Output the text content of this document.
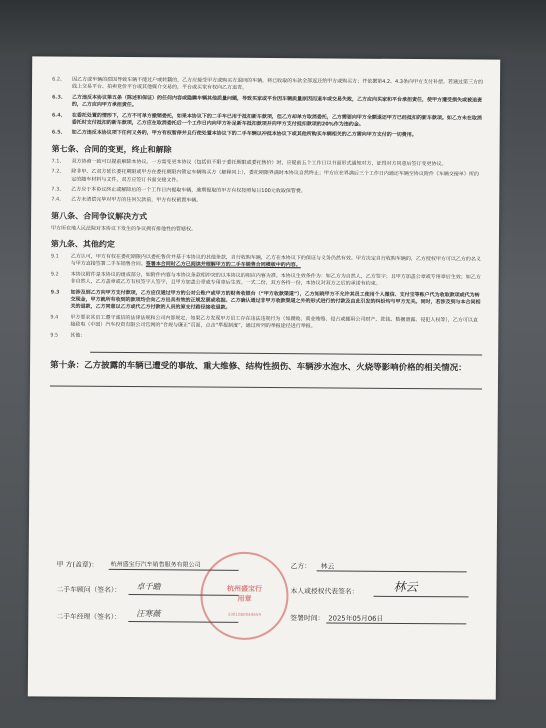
6.2、	因乙方或车辆的原因导致车辆不能过户或转籍的，乙方应接受甲方或购买方退回的车辆，将已收取的车款全部返还给甲方或购买方；并依据第4.2、4.3条向甲方支付补偿。若通过第三方的线上交易平台、拍卖竞价平台或其他媒介交易的，平台或买家有权向乙方追责。
6.3、	乙方违反本协议第五条（陈述和保证）的任何内容或隐瞒车辆其他质量问题，导致买家或平台因车辆质量原因而退车或交易失败，乙方应向买家和平台承担责任，使甲方遭受损失或被追责的，乙方应向甲方承担责任。
6.4、	在委托处置的情形下，乙方不可单方撤销委托，如果本协议下的二手车已用于抵扣新车款项，但乙方却单方取消委托，乙方需要向甲方全额退还甲方已经抵扣的新车款项。如乙方未在取消委托时支付抵扣的新车款项，乙方应在取消委托后一个工作日内向甲方补足新车抵扣款项并向甲方支付抵扣款项的20%作为违约金。
6.5、	如乙方违反本协议项下任何义务的，甲方有权暂停并且行使处置本协议下的二手车辆以冲抵本协议下或其他所购买车辆相关的乙方需向甲方支付的一切费用。
第七条、合同的变更，终止和解除
7.1、	双方协商一致可以提前解除本协议。一方需变更本协议（包括但不限于委托期限或委托售价）时，应提前五个工作日以书面形式通知对方，征得对方同意后签订变更协议。
7.2、	除非甲、乙双方延长委托期限或甲方在委托期限内锁定车辆购买方（解释同上），委托期限界满时本协议自然终止；甲方应在界满后三个工作日内通还车辆至协议附件《车辆交接单》所约定的随车材料与文件，双方应签订书面交接文件。
7.3、	乙方应于本协议终止或解除后的一个工作日内提取车辆，逾期提取的甲方有权按照每日100元收取保管费。
7.4、	乙方未清偿完毕对甲方的任何欠款前，甲方有权留置车辆。
第八条、合同争议解决方式
甲方所在地人民法院对本协议下发生的争议拥有排他性的管辖权。
第九条、其他约定
9.1	乙方认可，甲方有权在委托期限内以委托售价并基于本协议的其他条款，自行收购车辆，乙方在本协议下的保证与义务仍然有效。甲方决定自行收购车辆的，乙方授权甲方可以乙方的名义与甲方直接签署二手车销售合同。签署本合同时乙方已阅读并理解甲方的二手车销售合同模板中的内容。
9.2	本协议附件是本协议的组成部分，如附件内容与本协议条款相冲突的以本协议的相应内容为准。本协议生效条件为：如乙方为自然人，乙方签字；且甲方加盖公章或专用章后生效；如乙方非自然人，乙方盖章或乙方有权签字人签字，且甲方加盖公章或专用章后生效。一式二份，双方各持一份，本协议对双方之后的承诺有约束。
9.3	如涉及到乙方向甲方支付款项，乙方应仅通过甲方的公对公账户或甲方的财务收银台（“甲方收款渠道”），乙方知晓甲方不允许其员工使用个人微信、支付宝等账户代为收取款项或代为转交现金，甲方就所有收到的款项均会向乙方出具有效的正规发票或收据。乙方确认通过非甲方收款渠道之外的形式进行的付款及由此引发的纠纷均与甲方无关。同时，若涉及到与本合同相关的退款，乙方同意以乙方或代乙方付款的人员的原支付路径接收退款。
9.4	甲方要求其员工遵守诚信的法律法规和公司内部规定，如果乙方发现甲方员工存在违法违规行为（如腐败、商业贿赂、侵占或挪用公司财产、洗钱、数据泄露、侵犯人权等），乙方可以直接致电（中国）汽车投资有限公司官网的“合规与廉正”页面，点击“举报制度”，通过所列的举报途径进行举报。
9.5	其他：
第十条：乙方披露的车辆已遭受的事故、重大维修、结构性损伤、车辆涉水泡水、火烧等影响价格的相关情况：
甲 方(盖章)： 杭州盛宝行汽车销售服务有限公司
二手车顾问（签名）： 卓千瞻
二手车经理（签名）： 汪寒薇
杭州盛宝行
用章
3301080044659
乙方： 林云
本人或授权代表签名：	林云
签署时间： 2025年05月06日
